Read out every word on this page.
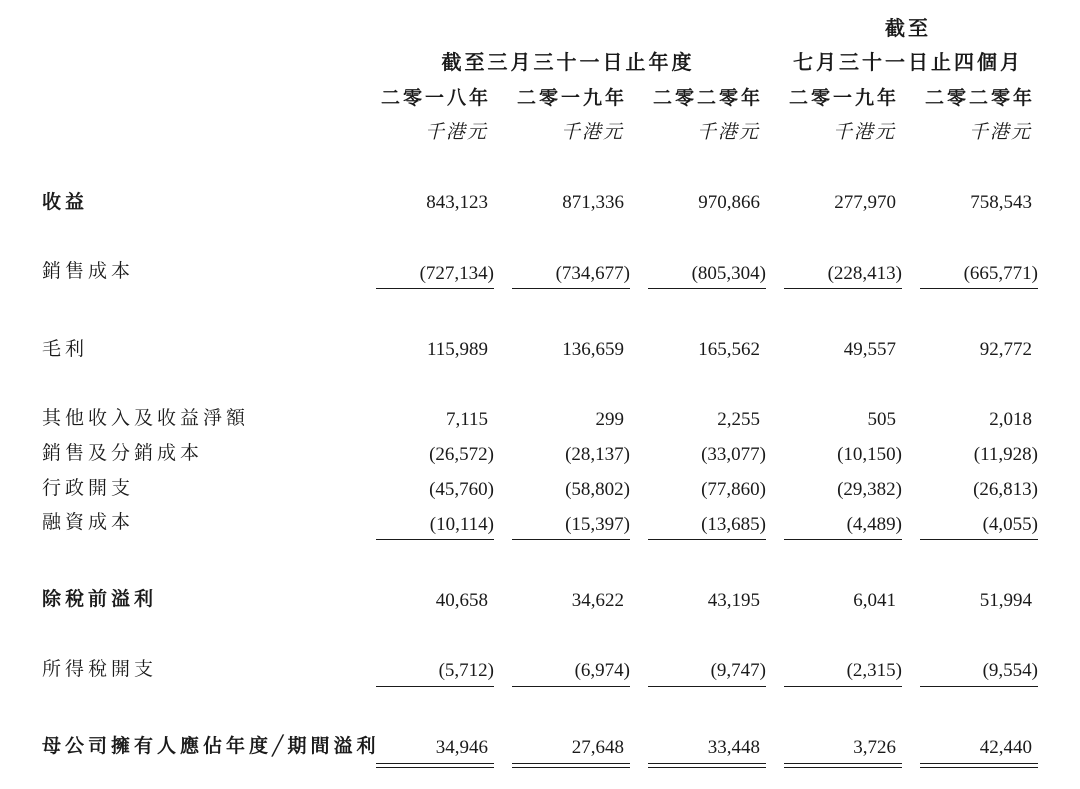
截至三月三十一日止年度
截至
七月三十一日止四個月
二零一八年 二零一九年 二零二零年 二零一九年 二零二零年
千港元	千港元	千港元	千港元	千港元
收益	843,123	871,336	970,866	277,970	758,543
銷售成本	(727,134)	(734,677)	(805,304)	(228,413)	(665,771)
毛利	115,989	136,659	165,562	49,557	92,772
其他收入及收益淨額	7,115	299	2,255	505	2,018
銷售及分銷成本	(26,572)	(28,137)	(33,077)	(10,150)	(11,928)
行政開支	(45,760)	(58,802)	(77,860)	(29,382)	(26,813)
融資成本	(10,114)	(15,397)	(13,685)	(4,489)	(4,055)
除稅前溢利	40,658	34,622	43,195	6,041	51,994
所得稅開支	(5,712)	(6,974)	(9,747)	(2,315)	(9,554)
母公司擁有人應佔年度╱期間溢利	34,946	27,648	33,448	3,726	42,440
